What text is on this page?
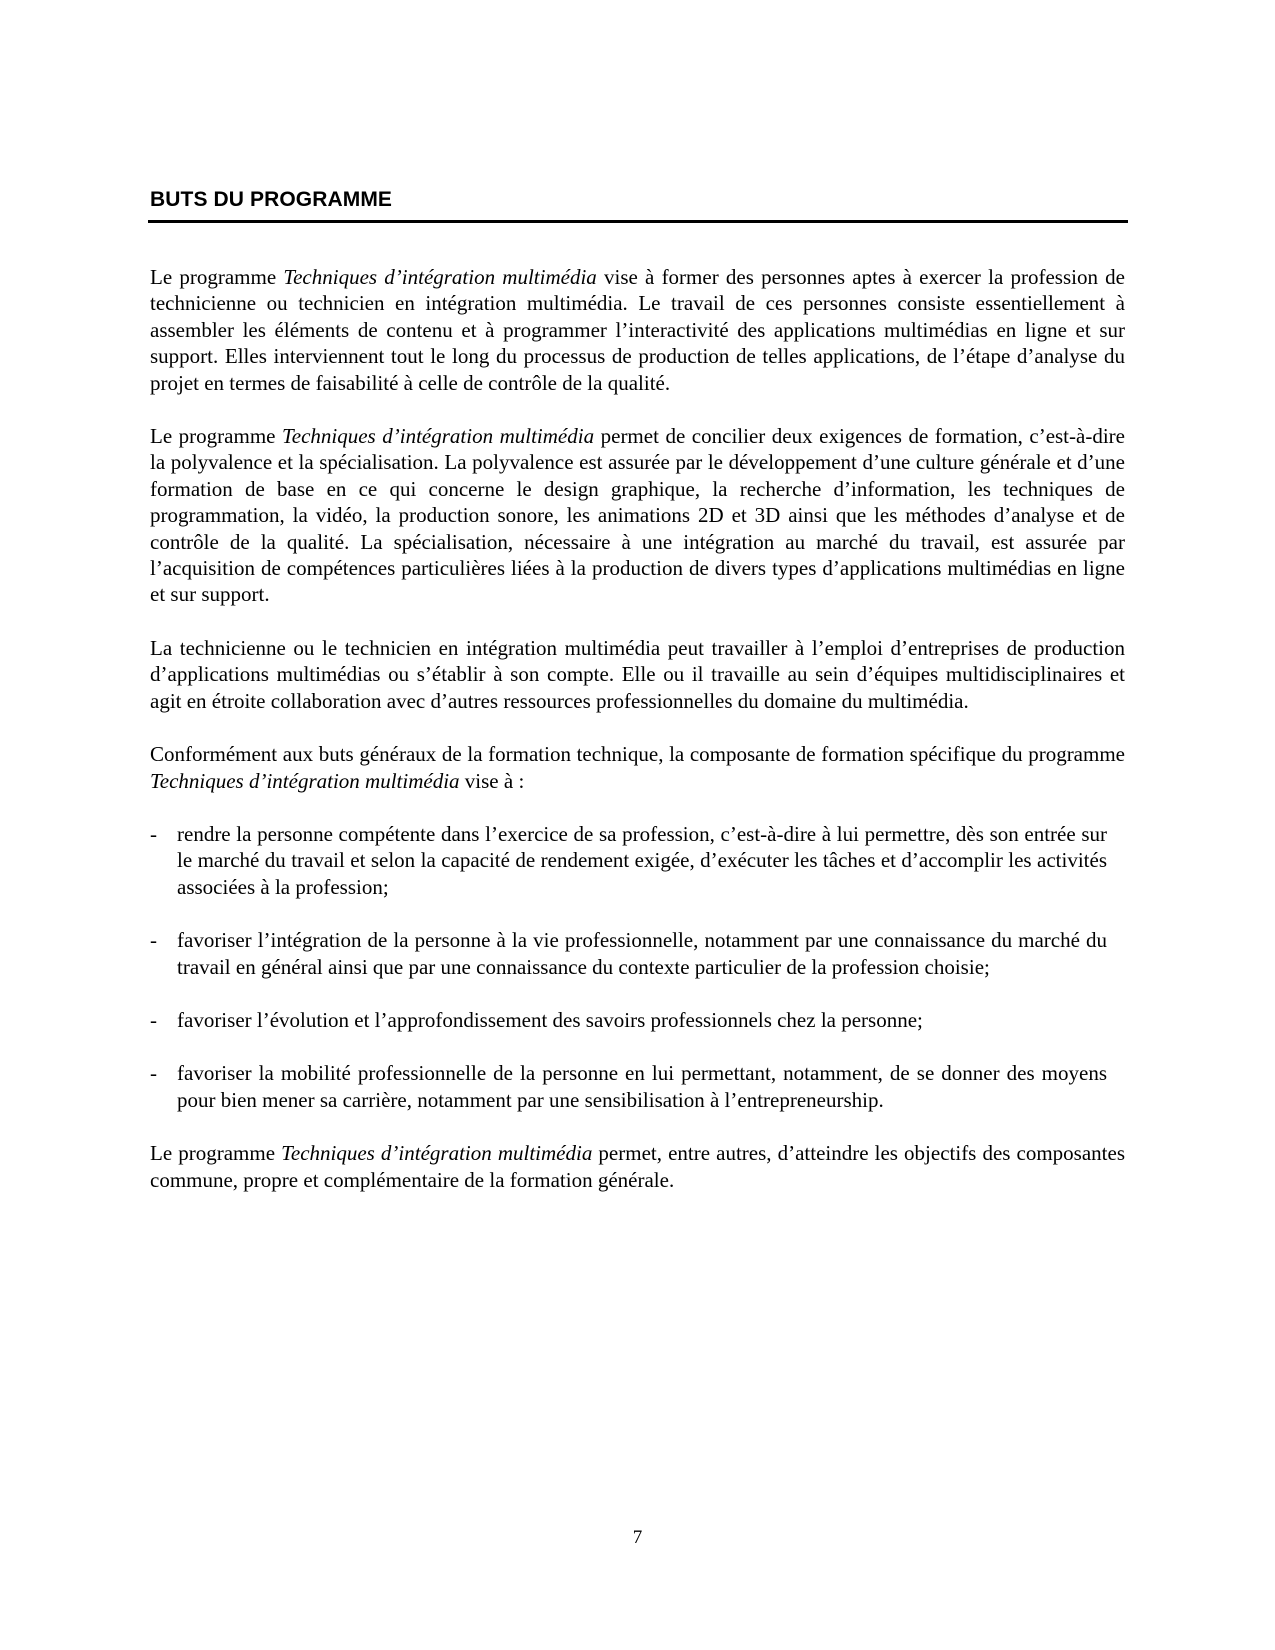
BUTS DU PROGRAMME

Le programme Techniques d’intégration multimédia vise à former des personnes aptes à exercer la profession de technicienne ou technicien en intégration multimédia. Le travail de ces personnes consiste essentiellement à assembler les éléments de contenu et à programmer l’interactivité des applications multimédias en ligne et sur support. Elles interviennent tout le long du processus de production de telles applications, de l’étape d’analyse du projet en termes de faisabilité à celle de contrôle de la qualité.

Le programme Techniques d’intégration multimédia permet de concilier deux exigences de formation, c’est-à-dire la polyvalence et la spécialisation. La polyvalence est assurée par le développement d’une culture générale et d’une formation de base en ce qui concerne le design graphique, la recherche d’information, les techniques de programmation, la vidéo, la production sonore, les animations 2D et 3D ainsi que les méthodes d’analyse et de contrôle de la qualité. La spécialisation, nécessaire à une intégration au marché du travail, est assurée par l’acquisition de compétences particulières liées à la production de divers types d’applications multimédias en ligne et sur support.

La technicienne ou le technicien en intégration multimédia peut travailler à l’emploi d’entreprises de production d’applications multimédias ou s’établir à son compte. Elle ou il travaille au sein d’équipes multidisciplinaires et agit en étroite collaboration avec d’autres ressources professionnelles du domaine du multimédia.

Conformément aux buts généraux de la formation technique, la composante de formation spécifique du programme Techniques d’intégration multimédia vise à :

- rendre la personne compétente dans l’exercice de sa profession, c’est-à-dire à lui permettre, dès son entrée sur le marché du travail et selon la capacité de rendement exigée, d’exécuter les tâches et d’accomplir les activités associées à la profession;
- favoriser l’intégration de la personne à la vie professionnelle, notamment par une connaissance du marché du travail en général ainsi que par une connaissance du contexte particulier de la profession choisie;
- favoriser l’évolution et l’approfondissement des savoirs professionnels chez la personne;
- favoriser la mobilité professionnelle de la personne en lui permettant, notamment, de se donner des moyens pour bien mener sa carrière, notamment par une sensibilisation à l’entrepreneurship.

Le programme Techniques d’intégration multimédia permet, entre autres, d’atteindre les objectifs des composantes commune, propre et complémentaire de la formation générale.

7
